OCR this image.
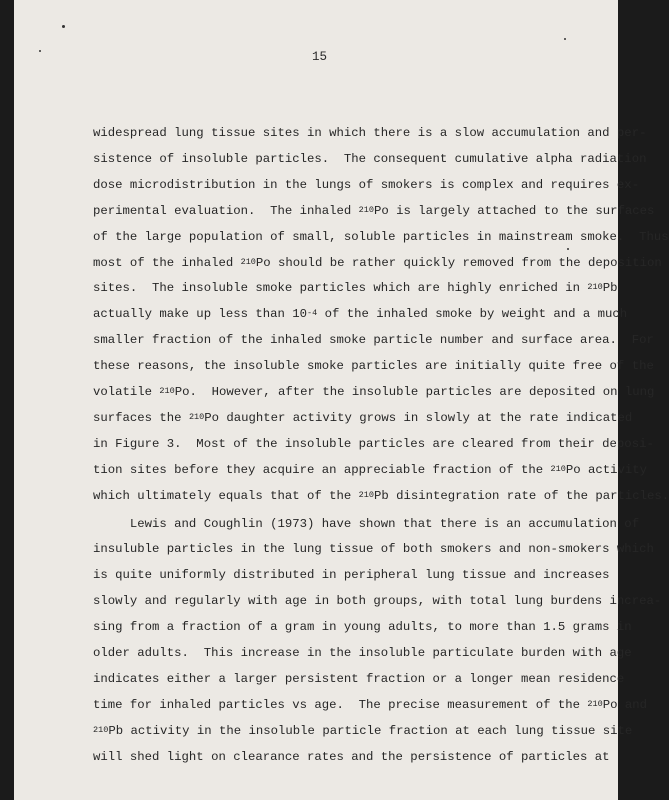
15
widespread lung tissue sites in which there is a slow accumulation and per-
sistence of insoluble particles.  The consequent cumulative alpha radiation
dose microdistribution in the lungs of smokers is complex and requires ex-
perimental evaluation.  The inhaled $^{210}$Po is largely attached to the surfaces
of the large population of small, soluble particles in mainstream smoke.  Thus
most of the inhaled $^{210}$Po should be rather quickly removed from the deposition
sites.  The insoluble smoke particles which are highly enriched in $^{210}$Pb
actually make up less than $10^{-4}$ of the inhaled smoke by weight and a much
smaller fraction of the inhaled smoke particle number and surface area.  For
these reasons, the insoluble smoke particles are initially quite free of the
volatile $^{210}$Po.  However, after the insoluble particles are deposited on lung
surfaces the $^{210}$Po daughter activity grows in slowly at the rate indicated
in Figure 3.  Most of the insoluble particles are cleared from their deposi-
tion sites before they acquire an appreciable fraction of the $^{210}$Po activity
which ultimately equals that of the $^{210}$Pb disintegration rate of the particles.
Lewis and Coughlin (1973) have shown that there is an accumulation of
insuluble particles in the lung tissue of both smokers and non-smokers which
is quite uniformly distributed in peripheral lung tissue and increases
slowly and regularly with age in both groups, with total lung burdens increa-
sing from a fraction of a gram in young adults, to more than 1.5 grams in
older adults.  This increase in the insoluble particulate burden with age
indicates either a larger persistent fraction or a longer mean residence
time for inhaled particles vs age.  The precise measurement of the $^{210}$Po and
$^{210}$Pb activity in the insoluble particle fraction at each lung tissue site
will shed light on clearance rates and the persistence of particles at
